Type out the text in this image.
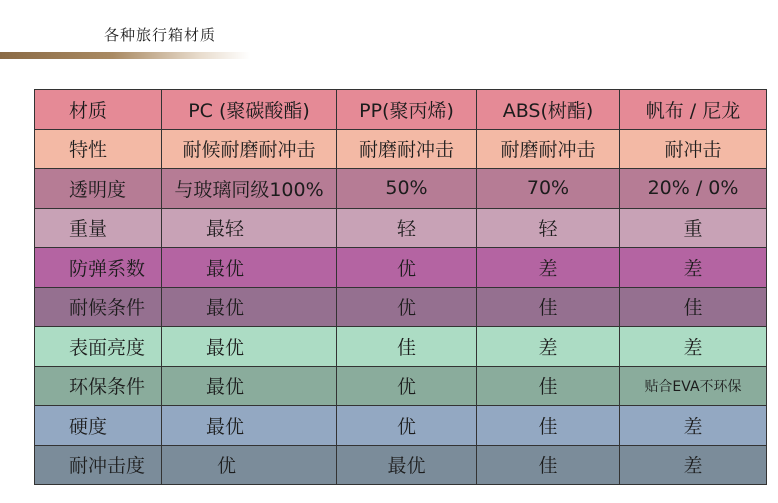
各种旅行箱材质
材质	PC (聚碳酸酯)	PP(聚丙烯)	ABS(树酯)	帆布 / 尼龙
特性	耐候耐磨耐冲击	耐磨耐冲击	耐磨耐冲击	耐冲击
透明度	与玻璃同级100%	50%	70%	20% / 0%
重量	最轻	轻	轻	重
防弹系数	最优	优	差	差
耐候条件	最优	优	佳	佳
表面亮度	最优	佳	差	差
环保条件	最优	优	佳	贴合EVA不环保
硬度	最优	优	佳	差
耐冲击度	优	最优	佳	差
